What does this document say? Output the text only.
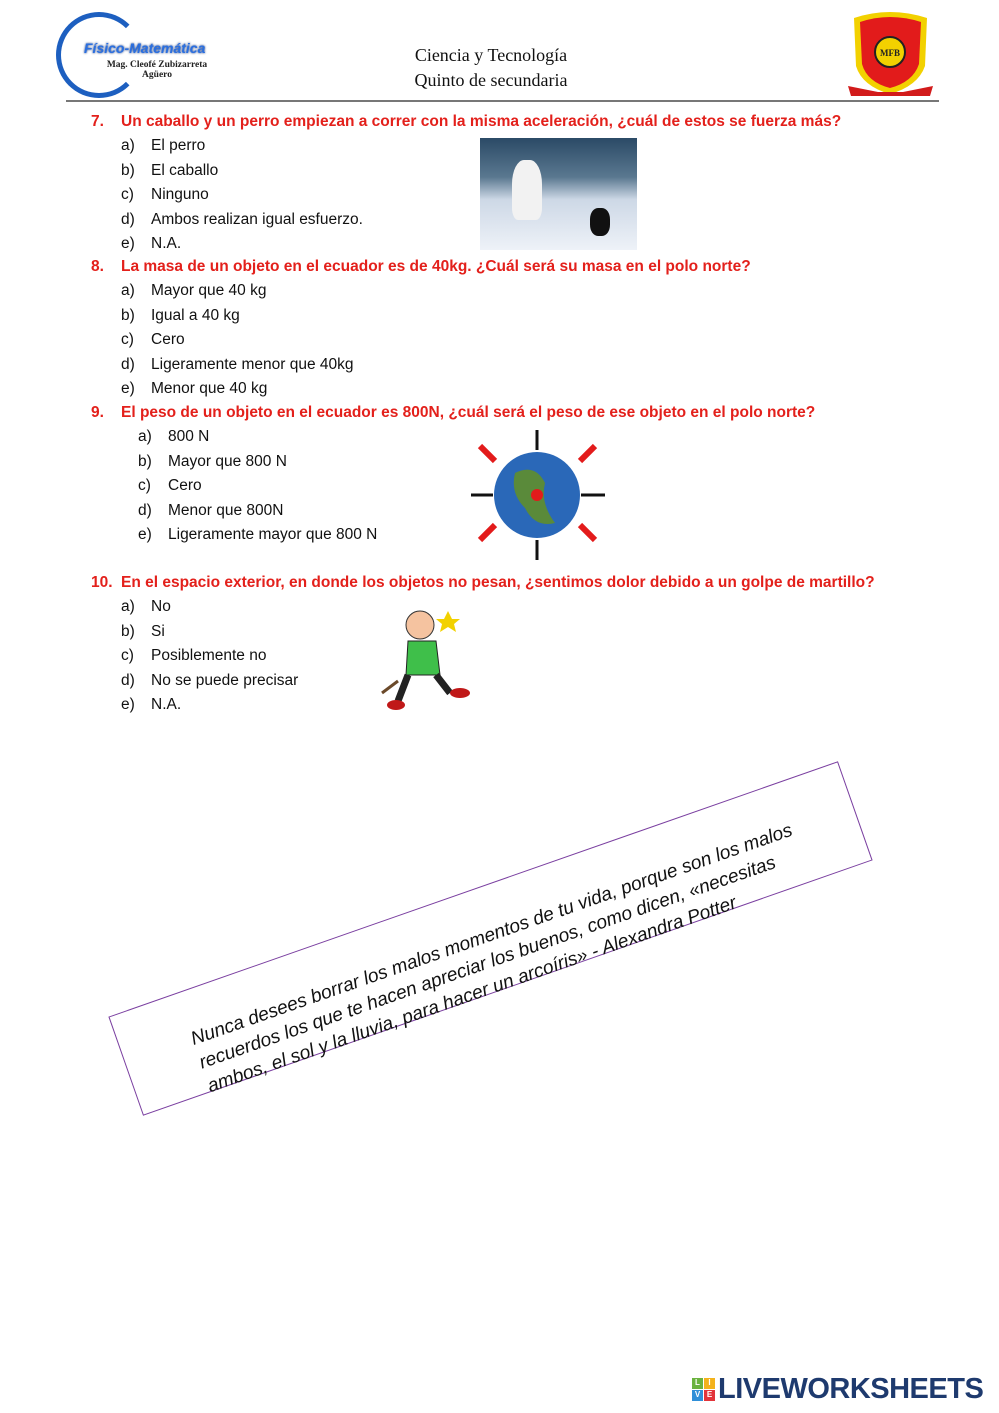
Físico-Matemática
Mag. Cleofé Zubizarreta Agüero
Ciencia y Tecnología
Quinto de secundaria
MFB
7. Un caballo y un perro empiezan a correr con la misma aceleración, ¿cuál de estos se fuerza más?
a) El perro
b) El caballo
c) Ninguno
d) Ambos realizan igual esfuerzo.
e) N.A.
8. La masa de un objeto en el ecuador es de 40kg. ¿Cuál será su masa en el polo norte?
a) Mayor que 40 kg
b) Igual a 40 kg
c) Cero
d) Ligeramente menor que 40kg
e) Menor que 40 kg
9. El peso de un objeto en el ecuador es 800N, ¿cuál será el peso de ese objeto en el polo norte?
a) 800 N
b) Mayor que 800 N
c) Cero
d) Menor que 800N
e) Ligeramente mayor que 800 N
10. En el espacio exterior, en donde los objetos no pesan, ¿sentimos dolor debido a un golpe de martillo?
a) No
b) Si
c) Posiblemente no
d) No se puede precisar
e) N.A.

Nunca desees borrar los malos momentos de tu vida, porque son los malos recuerdos los que te hacen apreciar los buenos, como dicen, «necesitas ambos, el sol y la lluvia, para hacer un arcoíris» - Alexandra Potter

L	I
V E LIVEWORKSHEETS
